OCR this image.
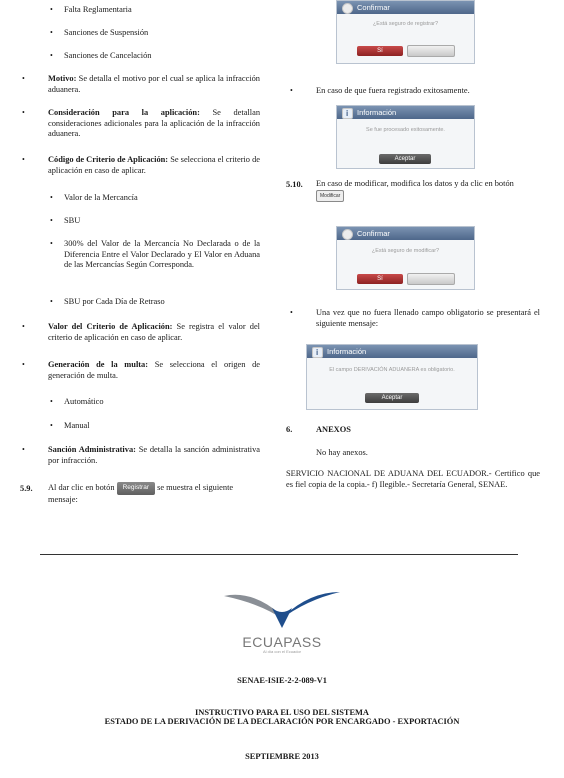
• Falta Reglamentaria
• Sanciones de Suspensión
• Sanciones de Cancelación
•	Motivo: Se detalla el motivo por el cual se aplica la infracción aduanera.
•	Consideración para la aplicación: Se detallan consideraciones adicionales para la aplicación de la infracción aduanera.
•	Código de Criterio de Aplicación: Se selecciona el criterio de aplicación en caso de aplicar.
• Valor de la Mercancía
• SBU
• 300% del Valor de la Mercancía No Declarada o de la Diferencia Entre el Valor Declarado y El Valor en Aduana de las Mercancías Según Corresponda.
• SBU por Cada Día de Retraso
•	Valor del Criterio de Aplicación: Se registra el valor del criterio de aplicación en caso de aplicar.
•	Generación de la multa: Se selecciona el origen de generación de multa.
• Automático
• Manual
•	Sanción Administrativa: Se detalla la sanción administrativa por infracción.
5.9. Al dar clic en botón Registrar se muestra el siguiente mensaje:
Confirmar
¿Está seguro de registrar?
Sí
•	En caso de que fuera registrado exitosamente.
i
Información
Se fue procesado exitosamente.
Aceptar
5.10. En caso de modificar, modifica los datos y da clic en botón Modificar
Confirmar
¿Está seguro de modificar?
Sí
•	Una vez que no fuera llenado campo obligatorio se presentará el siguiente mensaje:
i
Información
El campo DERIVACIÓN ADUANERA es obligatorio.
Aceptar
6.	ANEXOS
No hay anexos.
SERVICIO NACIONAL DE ADUANA DEL ECUADOR.- Certifico que es fiel copia de la copia.- f) Ilegible.- Secretaría General, SENAE.
ECUAPASS
Al día con el Ecuador
SENAE-ISIE-2-2-089-V1
INSTRUCTIVO PARA EL USO DEL SISTEMA
ESTADO DE LA DERIVACIÓN DE LA DECLARACIÓN POR ENCARGADO - EXPORTACIÓN
SEPTIEMBRE 2013
